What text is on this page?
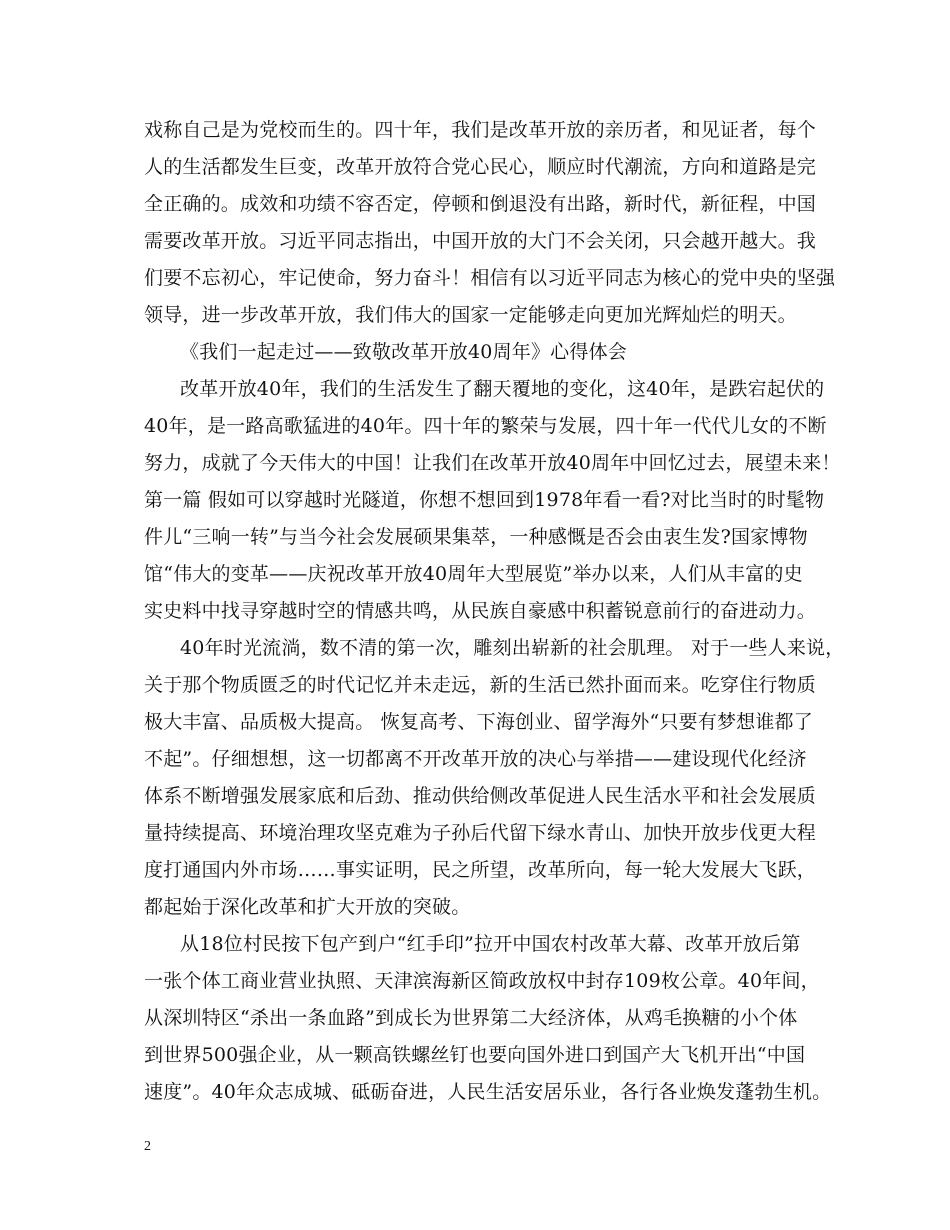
戏称自己是为党校而生的。四十年，我们是改革开放的亲历者，和见证者，每个
人的生活都发生巨变，改革开放符合党心民心，顺应时代潮流，方向和道路是完
全正确的。成效和功绩不容否定，停顿和倒退没有出路，新时代，新征程，中国
需要改革开放。习近平同志指出，中国开放的大门不会关闭，只会越开越大。我
们要不忘初心，牢记使命，努力奋斗！相信有以习近平同志为核心的党中央的坚强
领导，进一步改革开放，我们伟大的国家一定能够走向更加光辉灿烂的明天。
《我们一起走过——致敬改革开放40周年》心得体会
改革开放40年，我们的生活发生了翻天覆地的变化，这40年，是跌宕起伏的
40年，是一路高歌猛进的40年。四十年的繁荣与发展，四十年一代代儿女的不断
努力，成就了今天伟大的中国！让我们在改革开放40周年中回忆过去，展望未来！
第一篇 假如可以穿越时光隧道，你想不想回到1978年看一看?对比当时的时髦物
件儿“三响一转”与当今社会发展硕果集萃，一种感慨是否会由衷生发?国家博物
馆“伟大的变革——庆祝改革开放40周年大型展览”举办以来，人们从丰富的史
实史料中找寻穿越时空的情感共鸣，从民族自豪感中积蓄锐意前行的奋进动力。
40年时光流淌，数不清的第一次，雕刻出崭新的社会肌理。 对于一些人来说，
关于那个物质匮乏的时代记忆并未走远，新的生活已然扑面而来。吃穿住行物质
极大丰富、品质极大提高。 恢复高考、下海创业、留学海外“只要有梦想谁都了
不起”。仔细想想，这一切都离不开改革开放的决心与举措——建设现代化经济
体系不断增强发展家底和后劲、推动供给侧改革促进人民生活水平和社会发展质
量持续提高、环境治理攻坚克难为子孙后代留下绿水青山、加快开放步伐更大程
度打通国内外市场……事实证明，民之所望，改革所向，每一轮大发展大飞跃，
都起始于深化改革和扩大开放的突破。
从18位村民按下包产到户“红手印”拉开中国农村改革大幕、改革开放后第
一张个体工商业营业执照、天津滨海新区简政放权中封存109枚公章。40年间，
从深圳特区“杀出一条血路”到成长为世界第二大经济体，从鸡毛换糖的小个体
到世界500强企业，从一颗高铁螺丝钉也要向国外进口到国产大飞机开出“中国
速度”。40年众志成城、砥砺奋进，人民生活安居乐业，各行各业焕发蓬勃生机。
2
